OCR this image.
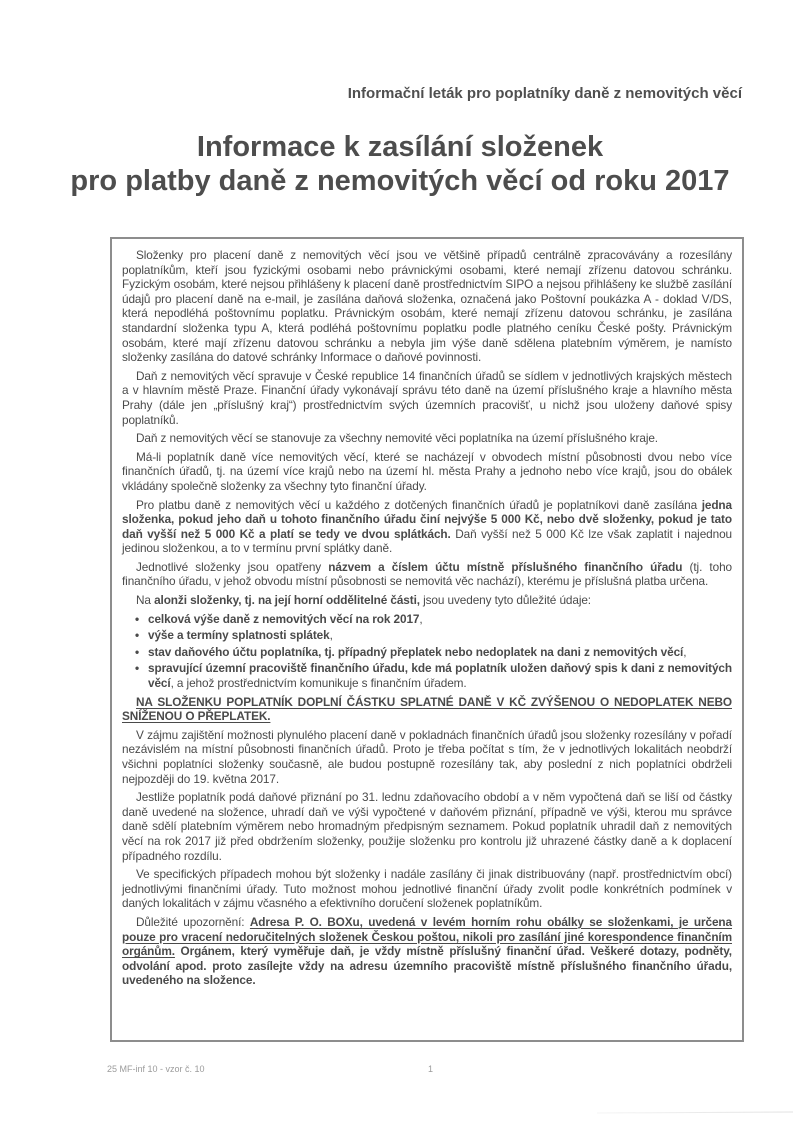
Informační leták pro poplatníky daně z nemovitých věcí
Informace k zasílání složenek
pro platby daně z nemovitých věcí od roku 2017
Složenky pro placení daně z nemovitých věcí jsou ve většině případů centrálně zpracovávány a rozesílány poplatníkům, kteří jsou fyzickými osobami nebo právnickými osobami, které nemají zřízenu datovou schránku. Fyzickým osobám, které nejsou přihlášeny k placení daně prostřednictvím SIPO a nejsou přihlášeny ke službě zasílání údajů pro placení daně na e-mail, je zasílána daňová složenka, označená jako Poštovní poukázka A - doklad V/DS, která nepodléhá poštovnímu poplatku. Právnickým osobám, které nemají zřízenu datovou schránku, je zasílána standardní složenka typu A, která podléhá poštovnímu poplatku podle platného ceníku České pošty. Právnickým osobám, které mají zřízenu datovou schránku a nebyla jim výše daně sdělena platebním výměrem, je namísto složenky zasílána do datové schránky Informace o daňové povinnosti.
Daň z nemovitých věcí spravuje v České republice 14 finančních úřadů se sídlem v jednotlivých krajských městech a v hlavním městě Praze. Finanční úřady vykonávají správu této daně na území příslušného kraje a hlavního města Prahy (dále jen „příslušný kraj“) prostřednictvím svých územních pracovišť, u nichž jsou uloženy daňové spisy poplatníků.
Daň z nemovitých věcí se stanovuje za všechny nemovité věci poplatníka na území příslušného kraje.
Má-li poplatník daně více nemovitých věcí, které se nacházejí v obvodech místní působnosti dvou nebo více finančních úřadů, tj. na území více krajů nebo na území hl. města Prahy a jednoho nebo více krajů, jsou do obálek vkládány společně složenky za všechny tyto finanční úřady.
Pro platbu daně z nemovitých věcí u každého z dotčených finančních úřadů je poplatníkovi daně zasílána jedna složenka, pokud jeho daň u tohoto finančního úřadu činí nejvýše 5 000 Kč, nebo dvě složenky, pokud je tato daň vyšší než 5 000 Kč a platí se tedy ve dvou splátkách. Daň vyšší než 5 000 Kč lze však zaplatit i najednou jedinou složenkou, a to v termínu první splátky daně.
Jednotlivé složenky jsou opatřeny názvem a číslem účtu místně příslušného finančního úřadu (tj. toho finančního úřadu, v jehož obvodu místní působnosti se nemovitá věc nachází), kterému je příslušná platba určena.
Na alonži složenky, tj. na její horní oddělitelné části, jsou uvedeny tyto důležité údaje:
• celková výše daně z nemovitých věcí na rok 2017,
• výše a termíny splatnosti splátek,
• stav daňového účtu poplatníka, tj. případný přeplatek nebo nedoplatek na dani z nemovitých věcí,
• spravující územní pracoviště finančního úřadu, kde má poplatník uložen daňový spis k dani z nemovitých věcí, a jehož prostřednictvím komunikuje s finančním úřadem.
NA SLOŽENKU POPLATNÍK DOPLNÍ ČÁSTKU SPLATNÉ DANĚ V KČ ZVÝŠENOU O NEDOPLATEK NEBO SNÍŽENOU O PŘEPLATEK.
V zájmu zajištění možnosti plynulého placení daně v pokladnách finančních úřadů jsou složenky rozesílány v pořadí nezávislém na místní působnosti finančních úřadů. Proto je třeba počítat s tím, že v jednotlivých lokalitách neobdrží všichni poplatníci složenky současně, ale budou postupně rozesílány tak, aby poslední z nich poplatníci obdrželi nejpozději do 19. května 2017.
Jestliže poplatník podá daňové přiznání po 31. lednu zdaňovacího období a v něm vypočtená daň se liší od částky daně uvedené na složence, uhradí daň ve výši vypočtené v daňovém přiznání, případně ve výši, kterou mu správce daně sdělí platebním výměrem nebo hromadným předpisným seznamem. Pokud poplatník uhradil daň z nemovitých věcí na rok 2017 již před obdržením složenky, použije složenku pro kontrolu již uhrazené částky daně a k doplacení případného rozdílu.
Ve specifických případech mohou být složenky i nadále zasílány či jinak distribuovány (např. prostřednictvím obcí) jednotlivými finančními úřady. Tuto možnost mohou jednotlivé finanční úřady zvolit podle konkrétních podmínek v daných lokalitách v zájmu včasného a efektivního doručení složenek poplatníkům.
Důležité upozornění: Adresa P. O. BOXu, uvedená v levém horním rohu obálky se složenkami, je určena pouze pro vracení nedoručitelných složenek Českou poštou, nikoli pro zasílání jiné korespondence finančním orgánům. Orgánem, který vyměřuje daň, je vždy místně příslušný finanční úřad. Veškeré dotazy, podněty, odvolání apod. proto zasílejte vždy na adresu územního pracoviště místně příslušného finančního úřadu, uvedeného na složence.
25 MF-inf 10 - vzor č. 10	1
